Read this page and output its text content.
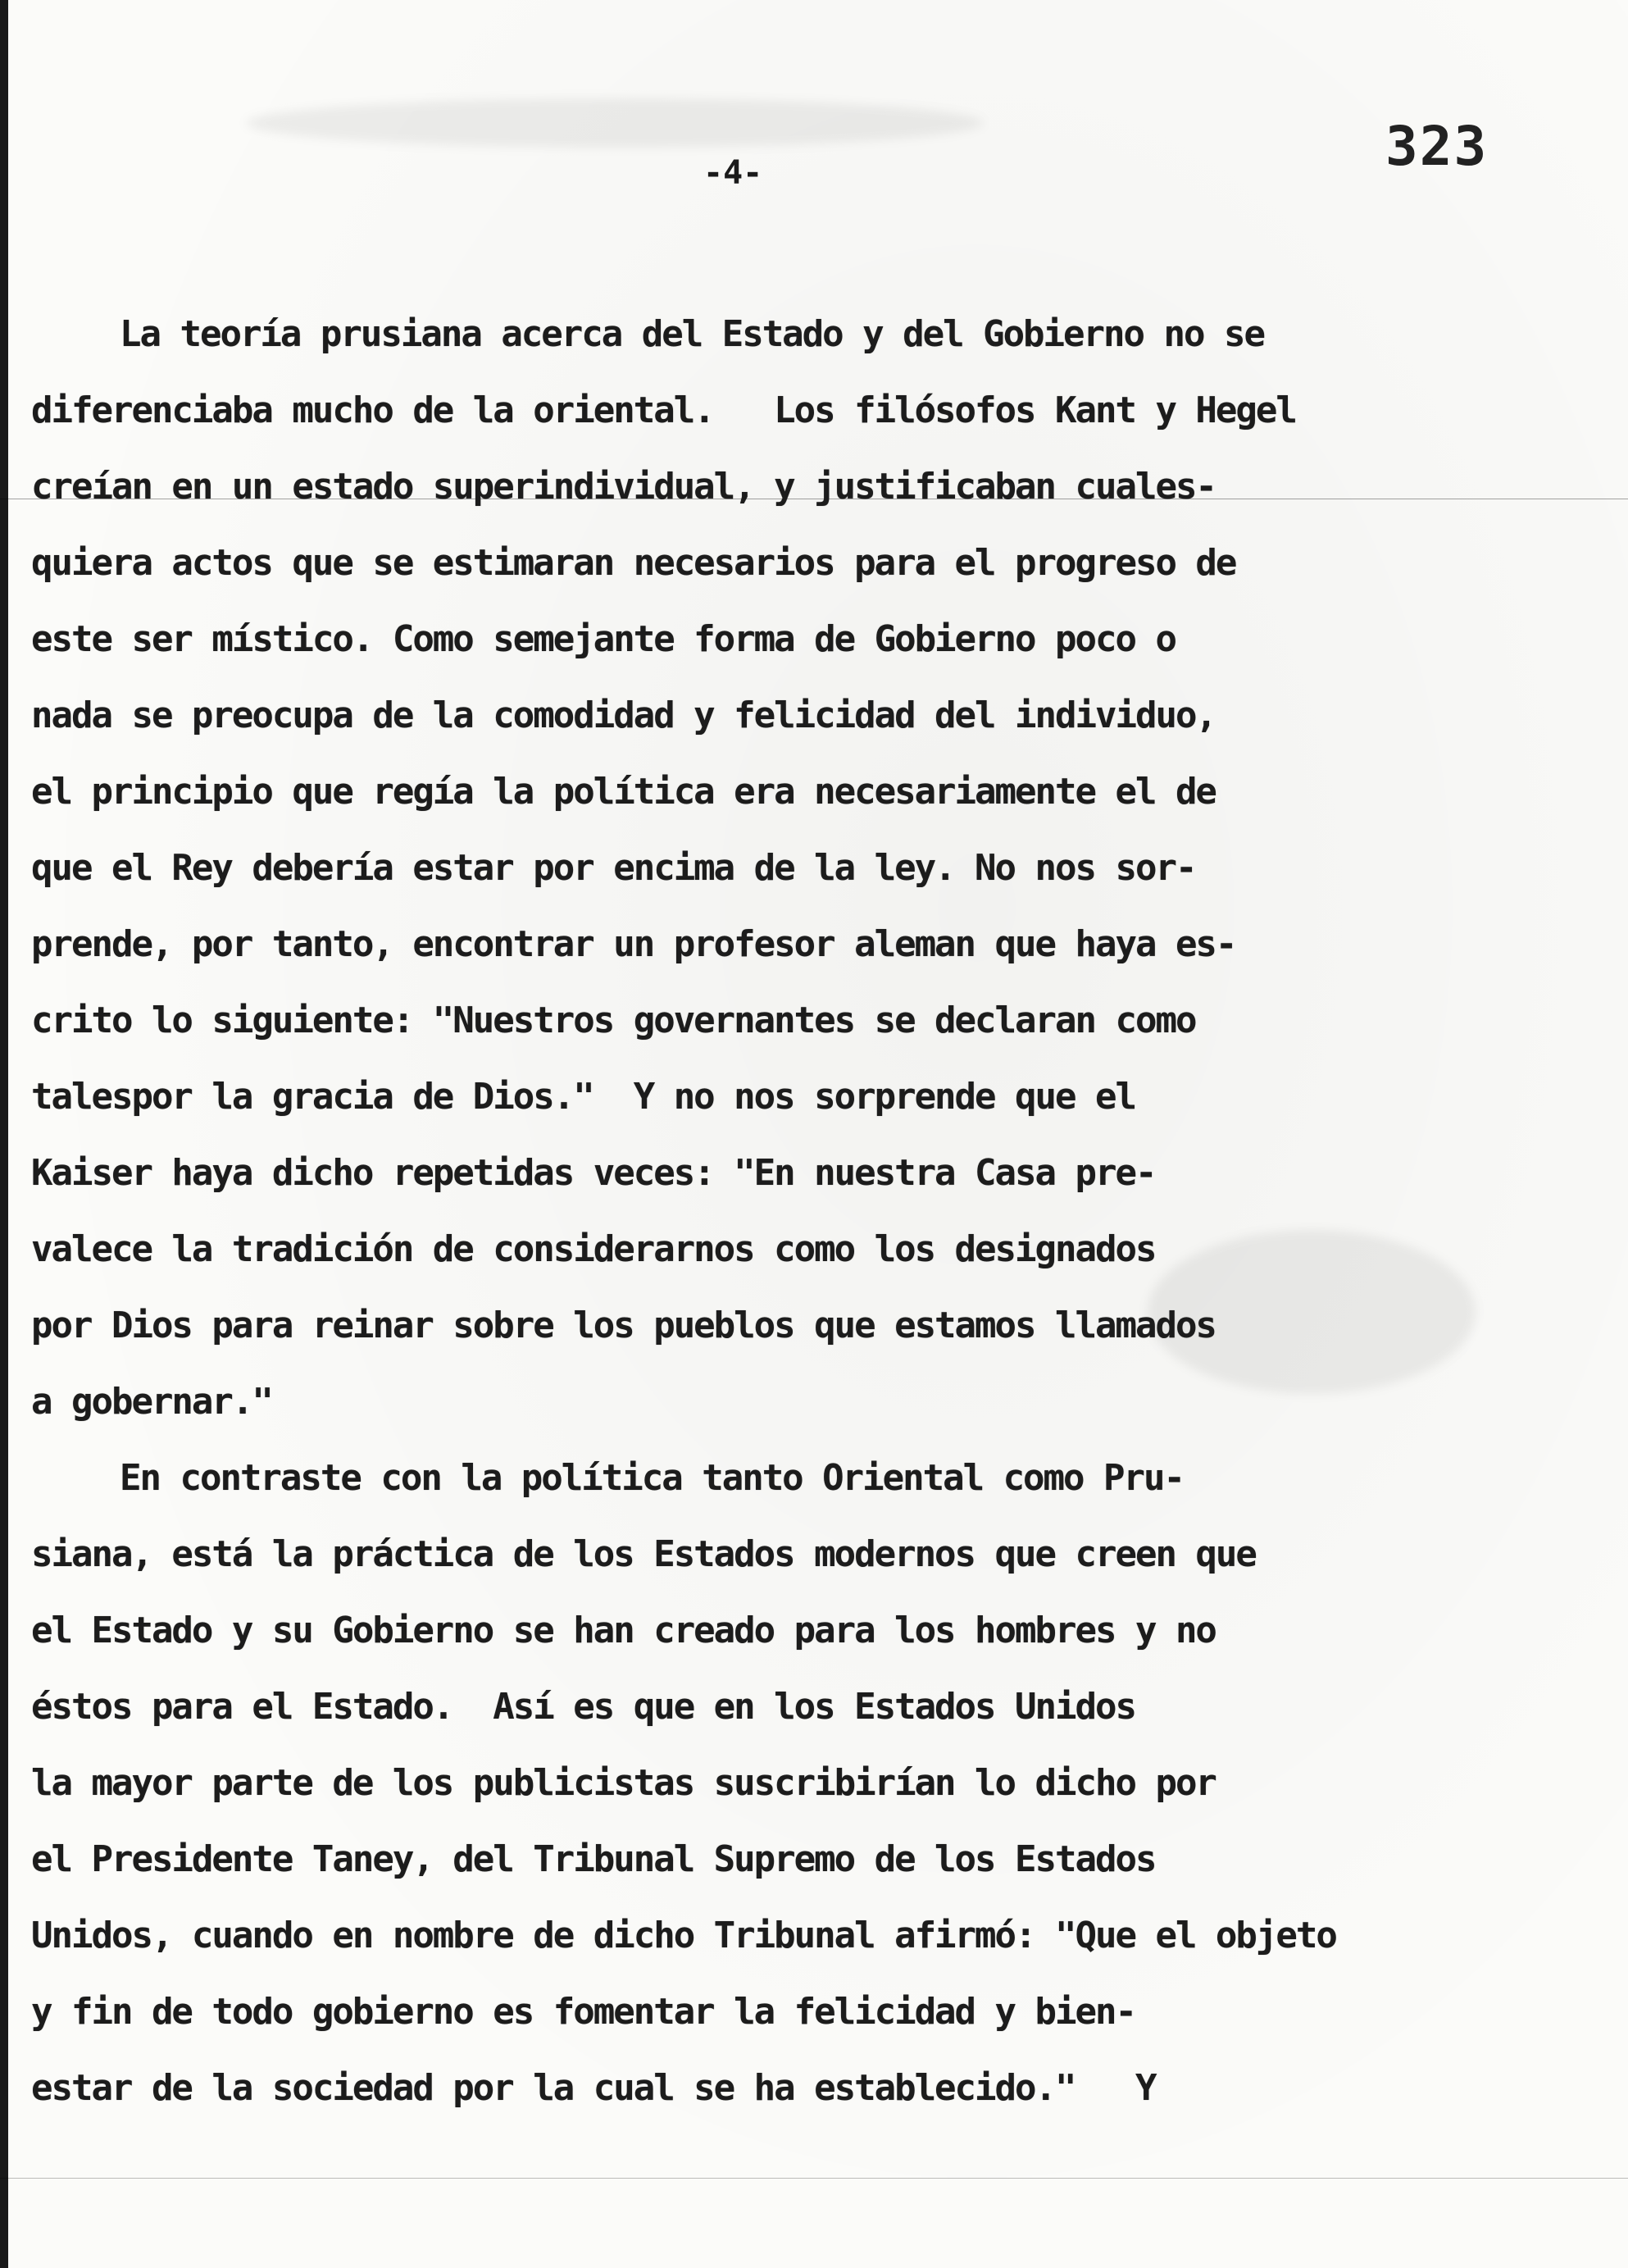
323
-4-
La teoría prusiana acerca del Estado y del Gobierno no se
diferenciaba mucho de la oriental.   Los filósofos Kant y Hegel
creían en un estado superindividual, y justificaban cuales-
quiera actos que se estimaran necesarios para el progreso de
este ser místico. Como semejante forma de Gobierno poco o
nada se preocupa de la comodidad y felicidad del individuo,
el principio que regía la política era necesariamente el de
que el Rey debería estar por encima de la ley. No nos sor-
prende, por tanto, encontrar un profesor aleman que haya es-
crito lo siguiente: "Nuestros governantes se declaran como
talespor la gracia de Dios."  Y no nos sorprende que el
Kaiser haya dicho repetidas veces: "En nuestra Casa pre-
valece la tradición de considerarnos como los designados
por Dios para reinar sobre los pueblos que estamos llamados
a gobernar."
En contraste con la política tanto Oriental como Pru-
siana, está la práctica de los Estados modernos que creen que
el Estado y su Gobierno se han creado para los hombres y no
éstos para el Estado.  Así es que en los Estados Unidos
la mayor parte de los publicistas suscribirían lo dicho por
el Presidente Taney, del Tribunal Supremo de los Estados
Unidos, cuando en nombre de dicho Tribunal afirmó: "Que el objeto
y fin de todo gobierno es fomentar la felicidad y bien-
estar de la sociedad por la cual se ha establecido."   Y
